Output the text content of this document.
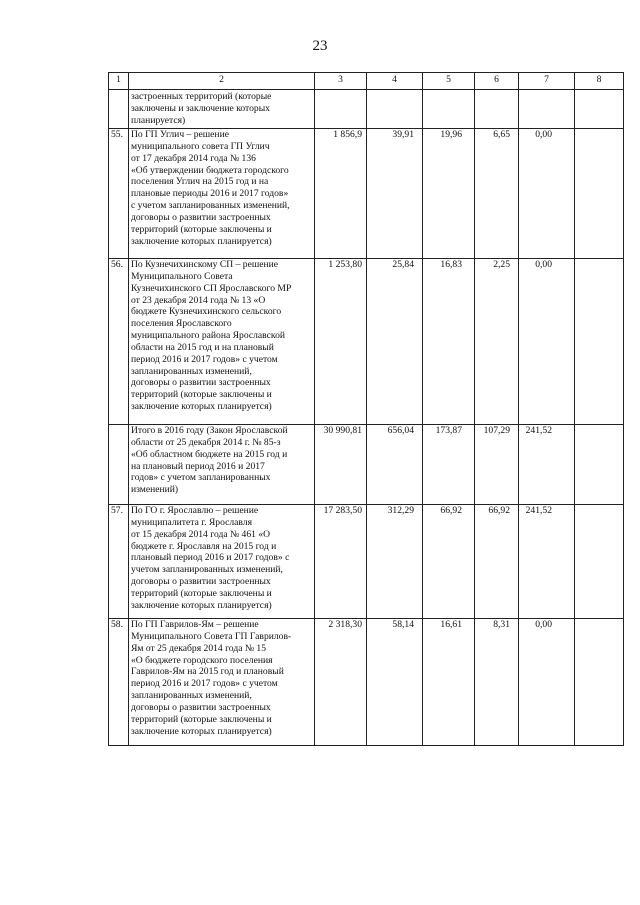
23
1	2	3	4	5	6	7	8
застроенных территорий (которые
заключены и заключение которых
планируется)
55. По ГП Углич – решение
муниципального совета ГП Углич
от 17 декабря 2014 года № 136
«Об утверждении бюджета городского
поселения Углич на 2015 год и на
плановые периоды 2016 и 2017 годов»
с учетом запланированных изменений,
договоры о развитии застроенных
территорий (которые заключены и
заключение которых планируется)
1 856,9	39,91	19,96	6,65	0,00
56. По Кузнечихинскому СП – решение
Муниципального Совета
Кузнечихинского СП Ярославского МР
от 23 декабря 2014 года № 13 «О
бюджете Кузнечихинского сельского
поселения Ярославского
муниципального района Ярославской
области на 2015 год и на плановый
период 2016 и 2017 годов» с учетом
запланированных изменений,
договоры о развитии застроенных
территорий (которые заключены и
заключение которых планируется)
1 253,80	25,84	16,83	2,25	0,00
Итого в 2016 году (Закон Ярославской
области от 25 декабря 2014 г. № 85-з
«Об областном бюджете на 2015 год и
на плановый период 2016 и 2017
годов» с учетом запланированных
изменений)
30 990,81	656,04	173,87	107,29	241,52
57. По ГО г. Ярославлю – решение
муниципалитета г. Ярославля
от 15 декабря 2014 года № 461 «О
бюджете г. Ярославля на 2015 год и
плановый период 2016 и 2017 годов» с
учетом запланированных изменений,
договоры о развитии застроенных
территорий (которые заключены и
заключение которых планируется)
17 283,50	312,29	66,92	66,92	241,52
58. По ГП Гаврилов-Ям – решение
Муниципального Совета ГП Гаврилов-
Ям от 25 декабря 2014 года № 15
«О бюджете городского поселения
Гаврилов-Ям на 2015 год и плановый
период 2016 и 2017 годов» с учетом
запланированных изменений,
договоры о развитии застроенных
территорий (которые заключены и
заключение которых планируется)
2 318,30	58,14	16,61	8,31	0,00
